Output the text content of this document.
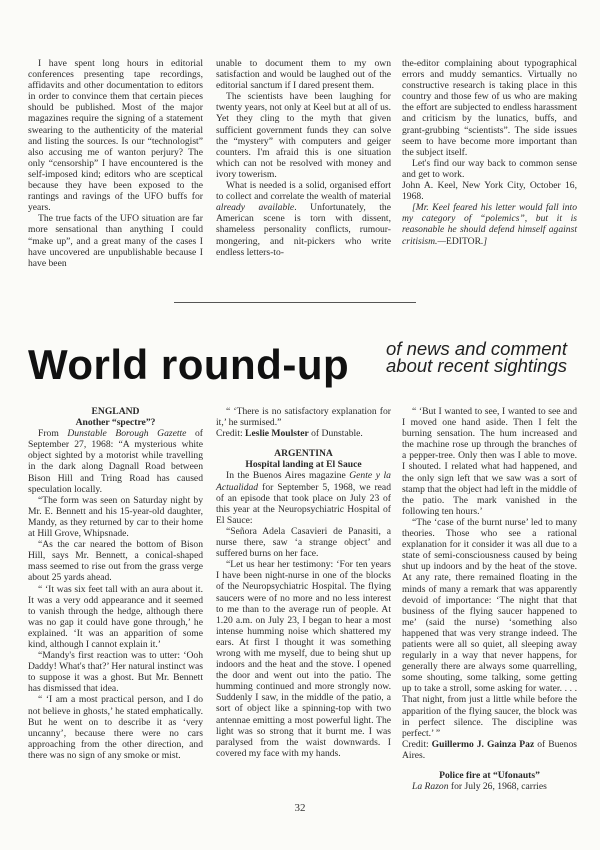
I have spent long hours in editorial conferences presenting tape recordings, affidavits and other documentation to editors in order to convince them that certain pieces should be published. Most of the major magazines require the signing of a statement swearing to the authenticity of the material and listing the sources. Is our “technologist” also accusing me of wanton perjury? The only “censorship” I have encountered is the self-imposed kind; editors who are sceptical because they have been exposed to the rantings and ravings of the UFO buffs for years.

The true facts of the UFO situation are far more sensational than anything I could “make up”, and a great many of the cases I have uncovered are unpublishable because I have been

unable to document them to my own satisfaction and would be laughed out of the editorial sanctum if I dared present them.

The scientists have been laughing for twenty years, not only at Keel but at all of us. Yet they cling to the myth that given sufficient government funds they can solve the “mystery” with computers and geiger counters. I'm afraid this is one situation which can not be resolved with money and ivory towerism.

What is needed is a solid, organised effort to collect and correlate the wealth of material already available. Unfortunately, the American scene is torn with dissent, shameless personality conflicts, rumour-mongering, and nit-pickers who write endless letters-to-

the-editor complaining about typographical errors and muddy semantics. Virtually no constructive research is taking place in this country and those few of us who are making the effort are subjected to endless harassment and criticism by the lunatics, buffs, and grant-grubbing “scientists”. The side issues seem to have become more important than the subject itself.

Let's find our way back to common sense and get to work.

John A. Keel, New York City, October 16, 1968.

[Mr. Keel feared his letter would fall into my category of “polemics”, but it is reasonable he should defend himself against critisism.—EDITOR.]

World round-up of news and comment
about recent sightings

ENGLAND

Another “spectre”?

From Dunstable Borough Gazette of September 27, 1968: “A mysterious white object sighted by a motorist while travelling in the dark along Dagnall Road between Bison Hill and Tring Road has caused speculation locally.

“The form was seen on Saturday night by Mr. E. Bennett and his 15-year-old daughter, Mandy, as they returned by car to their home at Hill Grove, Whipsnade.

“As the car neared the bottom of Bison Hill, says Mr. Bennett, a conical-shaped mass seemed to rise out from the grass verge about 25 yards ahead.

“ ‘It was six feet tall with an aura about it. It was a very odd appearance and it seemed to vanish through the hedge, although there was no gap it could have gone through,’ he explained. ‘It was an apparition of some kind, although I cannot explain it.’

“Mandy's first reaction was to utter: ‘Ooh Daddy! What's that?’ Her natural instinct was to suppose it was a ghost. But Mr. Bennett has dismissed that idea.

“ ‘I am a most practical person, and I do not believe in ghosts,’ he stated emphatically. But he went on to describe it as ‘very uncanny’, because there were no cars approaching from the other direction, and there was no sign of any smoke or mist.

“ ‘There is no satisfactory explanation for it,’ he surmised.”

Credit: Leslie Moulster of Dunstable.

ARGENTINA

Hospital landing at El Sauce

In the Buenos Aires magazine Gente y la Actualidad for September 5, 1968, we read of an episode that took place on July 23 of this year at the Neuropsychiatric Hospital of El Sauce:

“Señora Adela Casavieri de Panasiti, a nurse there, saw ‘a strange object’ and suffered burns on her face.

“Let us hear her testimony: ‘For ten years I have been night-nurse in one of the blocks of the Neuropsychiatric Hospital. The flying saucers were of no more and no less interest to me than to the average run of people. At 1.20 a.m. on July 23, I began to hear a most intense humming noise which shattered my ears. At first I thought it was something wrong with me myself, due to being shut up indoors and the heat and the stove. I opened the door and went out into the patio. The humming continued and more strongly now. Suddenly I saw, in the middle of the patio, a sort of object like a spinning-top with two antennae emitting a most powerful light. The light was so strong that it burnt me. I was paralysed from the waist downwards. I covered my face with my hands.

“ ‘But I wanted to see, I wanted to see and I moved one hand aside. Then I felt the burning sensation. The hum increased and the machine rose up through the branches of a pepper-tree. Only then was I able to move. I shouted. I related what had happened, and the only sign left that we saw was a sort of stamp that the object had left in the middle of the patio. The mark vanished in the following ten hours.’

“The ‘case of the burnt nurse’ led to many theories. Those who see a rational explanation for it consider it was all due to a state of semi-consciousness caused by being shut up indoors and by the heat of the stove. At any rate, there remained floating in the minds of many a remark that was apparently devoid of importance: ‘The night that that business of the flying saucer happened to me’ (said the nurse) ‘something also happened that was very strange indeed. The patients were all so quiet, all sleeping away regularly in a way that never happens, for generally there are always some quarrelling, some shouting, some talking, some getting up to take a stroll, some asking for water. . . . That night, from just a little while before the apparition of the flying saucer, the block was in perfect silence. The discipline was perfect.’ ”

Credit: Guillermo J. Gainza Paz of Buenos Aires.

Police fire at “Ufonauts”

La Razon for July 26, 1968, carries

32
